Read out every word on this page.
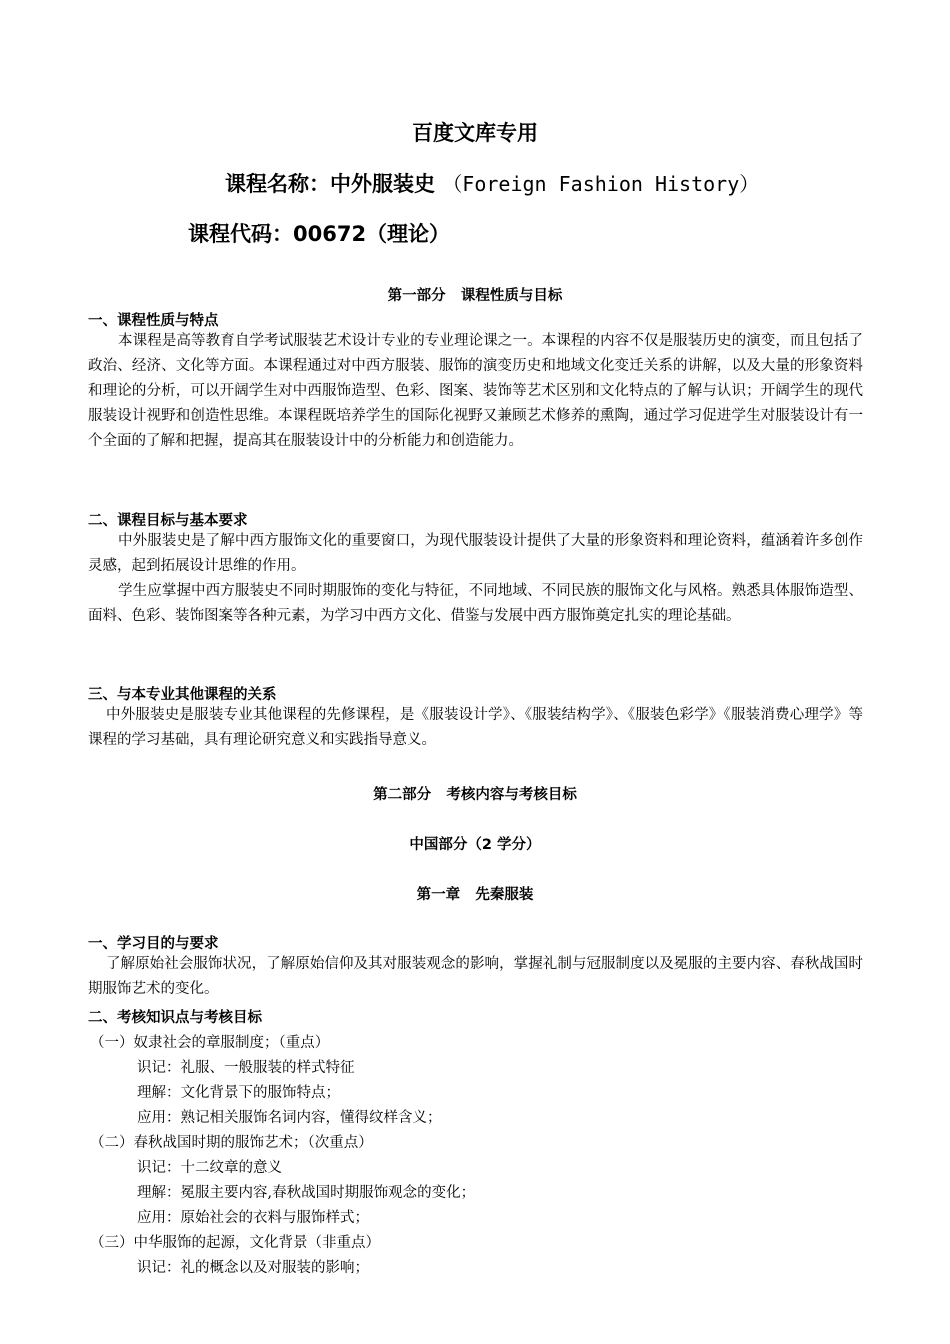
百度文库专用
课程名称：中外服装史 （Foreign Fashion History）
课程代码：00672（理论）
第一部分   课程性质与目标
一、课程性质与特点
本课程是高等教育自学考试服装艺术设计专业的专业理论课之一。本课程的内容不仅是服装历史的演变，而且包括了政治、经济、文化等方面。本课程通过对中西方服装、服饰的演变历史和地域文化变迁关系的讲解，以及大量的形象资料和理论的分析，可以开阔学生对中西服饰造型、色彩、图案、装饰等艺术区别和文化特点的了解与认识；开阔学生的现代服装设计视野和创造性思维。本课程既培养学生的国际化视野又兼顾艺术修养的熏陶，通过学习促进学生对服装设计有一个全面的了解和把握，提高其在服装设计中的分析能力和创造能力。
二、课程目标与基本要求
中外服装史是了解中西方服饰文化的重要窗口，为现代服装设计提供了大量的形象资料和理论资料，蕴涵着许多创作灵感，起到拓展设计思维的作用。
学生应掌握中西方服装史不同时期服饰的变化与特征，不同地域、不同民族的服饰文化与风格。熟悉具体服饰造型、面料、色彩、装饰图案等各种元素，为学习中西方文化、借鉴与发展中西方服饰奠定扎实的理论基础。
三、与本专业其他课程的关系
中外服装史是服装专业其他课程的先修课程，是《服装设计学》、《服装结构学》、《服装色彩学》《服装消费心理学》等课程的学习基础，具有理论研究意义和实践指导意义。
第二部分   考核内容与考核目标
中国部分（2 学分）
第一章   先秦服装
一、学习目的与要求
了解原始社会服饰状况，了解原始信仰及其对服装观念的影响，掌握礼制与冠服制度以及冕服的主要内容、春秋战国时期服饰艺术的变化。
二、考核知识点与考核目标
（一）奴隶社会的章服制度；（重点）
识记：礼服、一般服装的样式特征
理解：文化背景下的服饰特点；
应用：熟记相关服饰名词内容，懂得纹样含义；
（二）春秋战国时期的服饰艺术；（次重点）
识记：十二纹章的意义
理解：冕服主要内容,春秋战国时期服饰观念的变化；
应用：原始社会的衣料与服饰样式；
（三）中华服饰的起源，文化背景（非重点）
识记：礼的概念以及对服装的影响；
